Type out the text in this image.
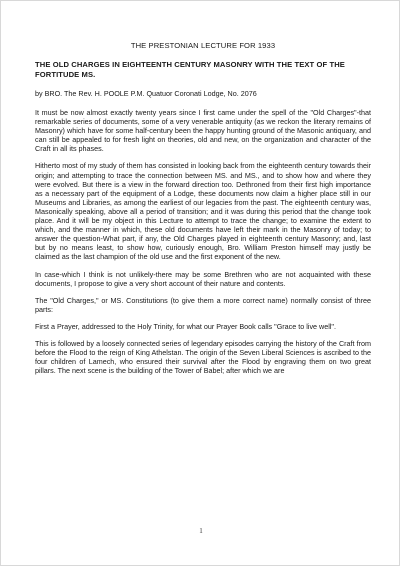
THE PRESTONIAN LECTURE FOR 1933
THE OLD CHARGES IN EIGHTEENTH CENTURY MASONRY WITH THE TEXT OF THE FORTITUDE MS.
by BRO. The Rev. H. POOLE P.M. Quatuor Coronati Lodge, No. 2076

It must be now almost exactly twenty years since I first came under the spell of the "Old Charges"-that remarkable series of documents, some of a very venerable antiquity (as we reckon the literary remains of Masonry) which have for some half-century been the happy hunting ground of the Masonic antiquary, and can still be appealed to for fresh light on theories, old and new, on the organization and character of the Craft in all its phases.

Hitherto most of my study of them has consisted in looking back from the eighteenth century towards their origin; and attempting to trace the connection between MS. and MS., and to show how and where they were evolved. But there is a view in the forward direction too. Dethroned from their first high importance as a necessary part of the equipment of a Lodge, these documents now claim a higher place still in our Museums and Libraries, as among the earliest of our legacies from the past. The eighteenth century was, Masonically speaking, above all a period of transition; and it was during this period that the change took place. And it will be my object in this Lecture to attempt to trace the change; to examine the extent to which, and the manner in which, these old documents have left their mark in the Masonry of today; to answer the question-What part, if any, the Old Charges played in eighteenth century Masonry; and, last but by no means least, to show how, curiously enough, Bro. William Preston himself may justly be claimed as the last champion of the old use and the first exponent of the new.

In case-which I think is not unlikely-there may be some Brethren who are not acquainted with these documents, I propose to give a very short account of their nature and contents.

The "Old Charges," or MS. Constitutions (to give them a more correct name) normally consist of three parts:

First a Prayer, addressed to the Holy Trinity, for what our Prayer Book calls "Grace to live well".

This is followed by a loosely connected series of legendary episodes carrying the history of the Craft from before the Flood to the reign of King Athelstan. The origin of the Seven Liberal Sciences is ascribed to the four children of Lamech, who ensured their survival after the Flood by engraving them on two great pillars. The next scene is the building of the Tower of Babel; after which we are

1
